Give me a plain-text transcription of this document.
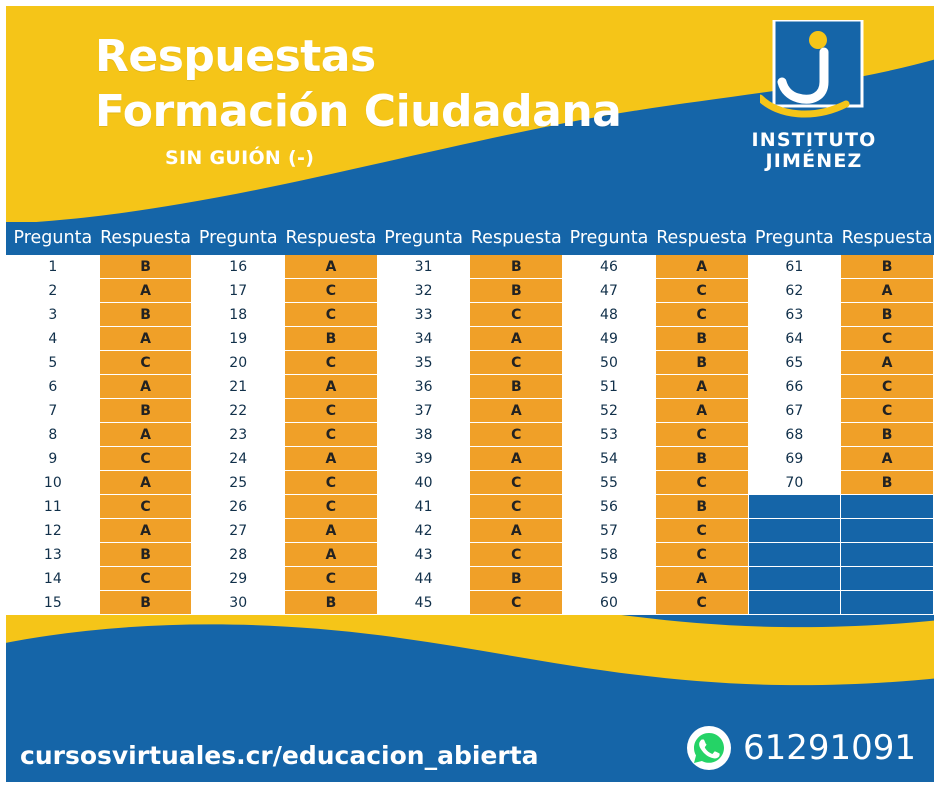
Respuestas
Formación Ciudadana
SIN GUIÓN (-)
INSTITUTO
JIMÉNEZ
Pregunta	Respuesta	Pregunta	Respuesta	Pregunta	Respuesta	Pregunta	Respuesta	Pregunta	Respuesta
1	B	16	A	31	B	46	A	61	B
2	A	17	C	32	B	47	C	62	A
3	B	18	C	33	C	48	C	63	B
4	A	19	B	34	A	49	B	64	C
5	C	20	C	35	C	50	B	65	A
6	A	21	A	36	B	51	A	66	C
7	B	22	C	37	A	52	A	67	C
8	A	23	C	38	C	53	C	68	B
9	C	24	A	39	A	54	B	69	A
10	A	25	C	40	C	55	C	70	B
11	C	26	C	41	C	56	B		
12	A	27	A	42	A	57	C		
13	B	28	A	43	C	58	C		
14	C	29	C	44	B	59	A		
15	B	30	B	45	C	60	C		
cursosvirtuales.cr/educacion_abierta	61291091
